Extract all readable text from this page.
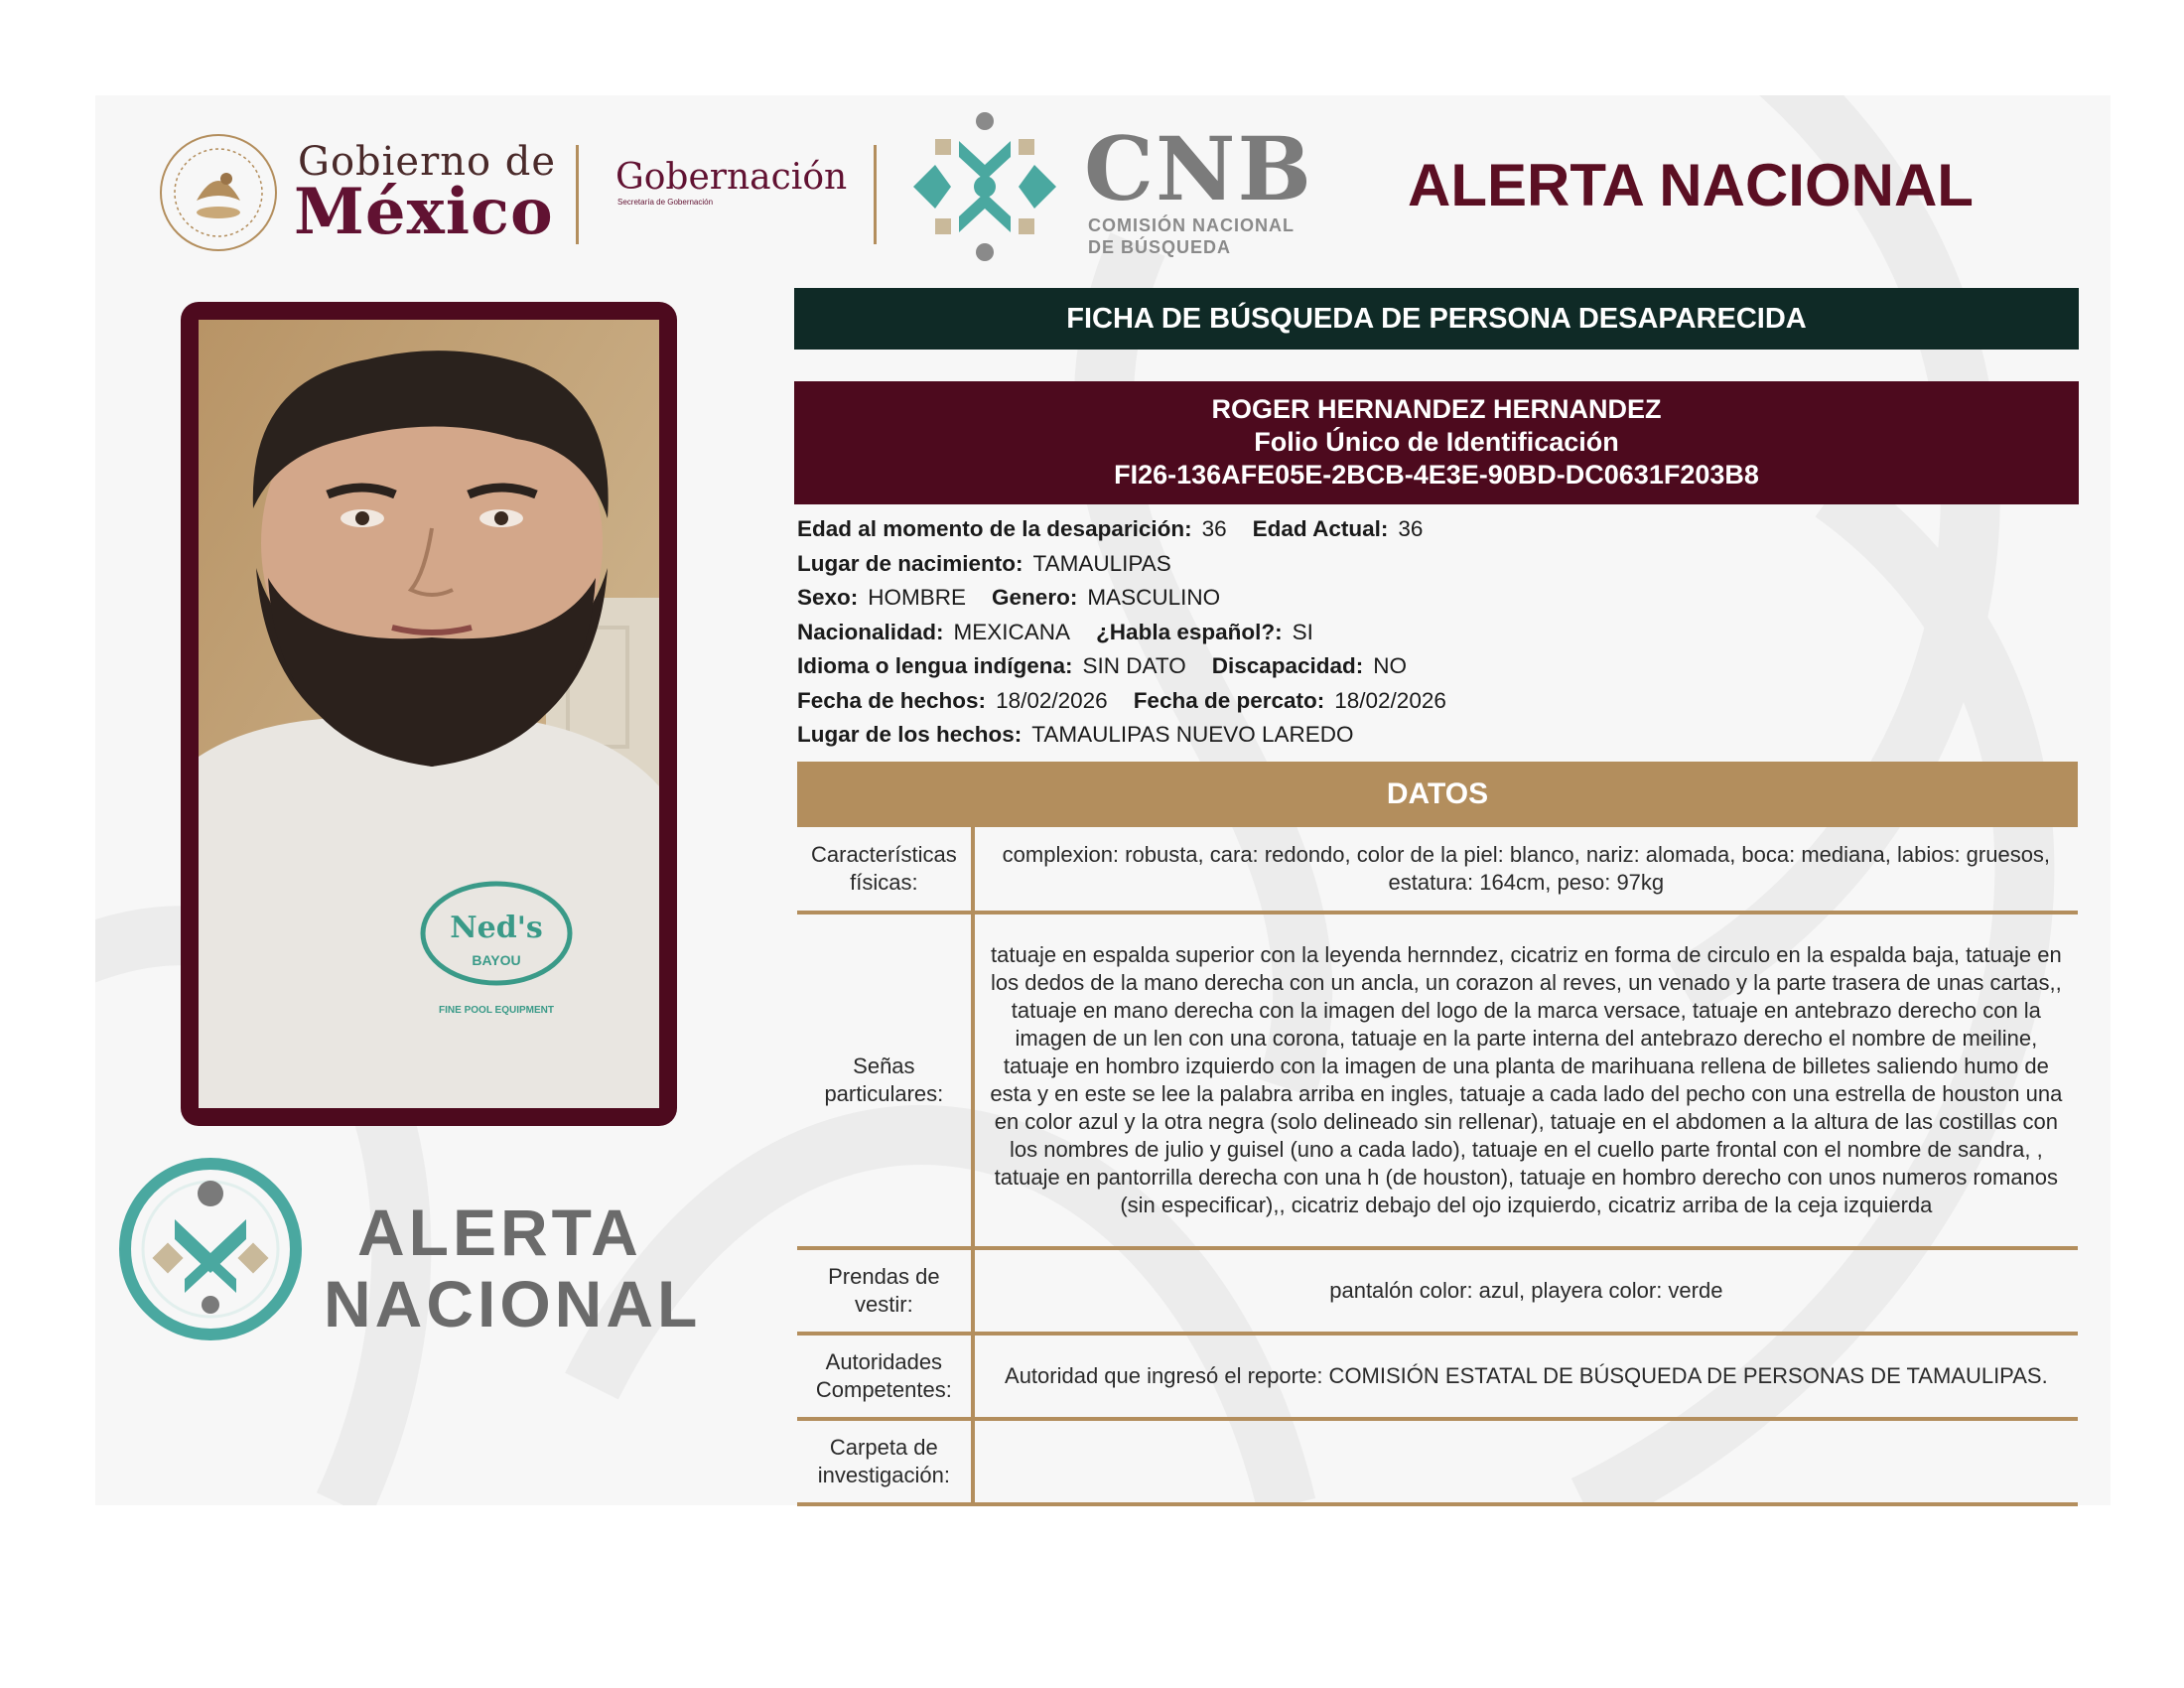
Gobierno de
México Gobernación
Secretaría de Gobernación	CNB
COMISIÓN NACIONAL
DE BÚSQUEDA
ALERTA NACIONAL
Ned's
BAYOU
FINE POOL EQUIPMENT
ALERTA
NACIONAL
FICHA DE BÚSQUEDA DE PERSONA DESAPARECIDA
ROGER HERNANDEZ HERNANDEZ
Folio Único de Identificación
FI26-136AFE05E-2BCB-4E3E-90BD-DC0631F203B8
Edad al momento de la desaparición: 36 Edad Actual: 36
Lugar de nacimiento: TAMAULIPAS
Sexo: HOMBRE Genero: MASCULINO
Nacionalidad: MEXICANA ¿Habla español?: SI
Idioma o lengua indígena: SIN DATO Discapacidad: NO
Fecha de hechos: 18/02/2026 Fecha de percato: 18/02/2026
Lugar de los hechos: TAMAULIPAS NUEVO LAREDO
DATOS
Características físicas:	complexion: robusta, cara: redondo, color de la piel: blanco, nariz: alomada, boca: mediana, labios: gruesos, estatura: 164cm, peso: 97kg
Señas particulares:	tatuaje en espalda superior con la leyenda hernndez, cicatriz en forma de circulo en la espalda baja, tatuaje en los dedos de la mano derecha con un ancla, un corazon al reves, un venado y la parte trasera de unas cartas,, tatuaje en mano derecha con la imagen del logo de la marca versace, tatuaje en antebrazo derecho con la imagen de un len con una corona, tatuaje en la parte interna del antebrazo derecho el nombre de meiline, tatuaje en hombro izquierdo con la imagen de una planta de marihuana rellena de billetes saliendo humo de esta y en este se lee la palabra arriba en ingles, tatuaje a cada lado del pecho con una estrella de houston una en color azul y la otra negra (solo delineado sin rellenar), tatuaje en el abdomen a la altura de las costillas con los nombres de julio y guisel (uno a cada lado), tatuaje en el cuello parte frontal con el nombre de sandra, , tatuaje en pantorrilla derecha con una h (de houston), tatuaje en hombro derecho con unos numeros romanos (sin especificar),, cicatriz debajo del ojo izquierdo, cicatriz arriba de la ceja izquierda
Prendas de vestir:	pantalón color: azul, playera color: verde
Autoridades Competentes:	Autoridad que ingresó el reporte: COMISIÓN ESTATAL DE BÚSQUEDA DE PERSONAS DE TAMAULIPAS.
Carpeta de investigación:	
